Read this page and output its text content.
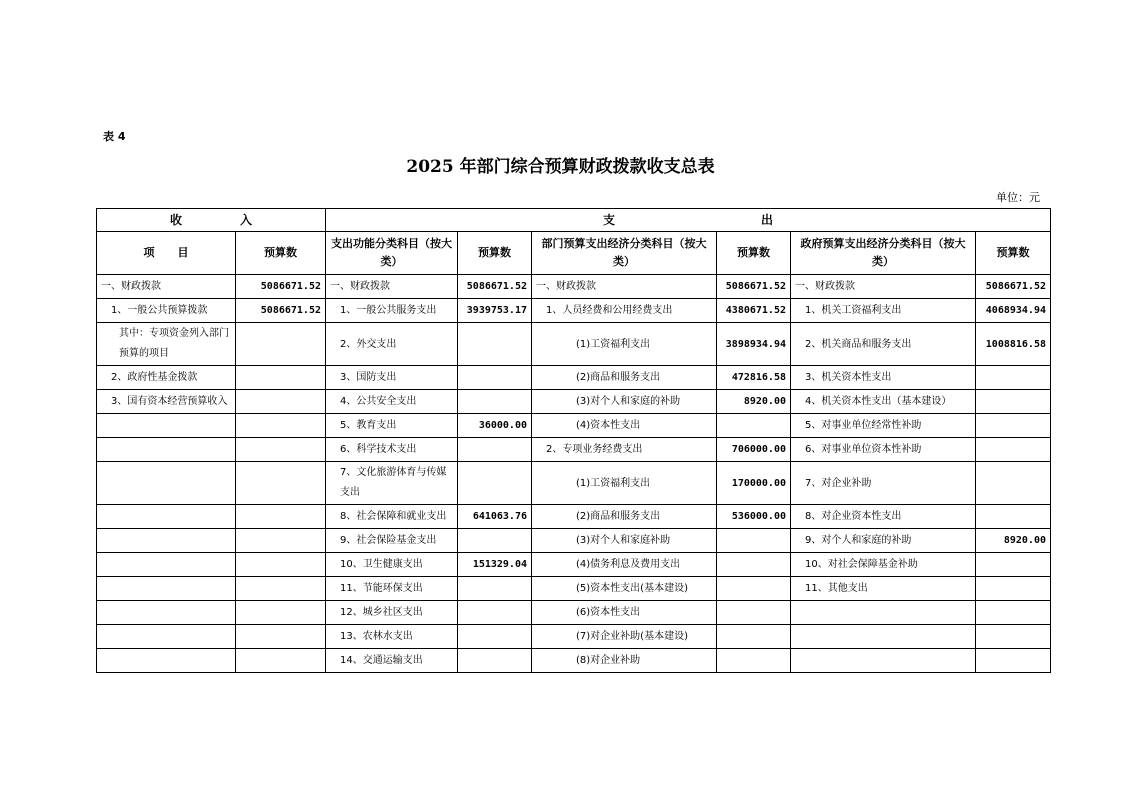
表 4
2025 年部门综合预算财政拨款收支总表
单位：元
收 入		支 出					

项 目	预算数	支出功能分类科目（按大类）	预算数	部门预算支出经济分类科目（按大类）	预算数	政府预算支出经济分类科目（按大类）	预算数
一、财政拨款	5086671.52	一、财政拨款	5086671.52	一、财政拨款	5086671.52	一、财政拨款	5086671.52
1、一般公共预算拨款	5086671.52	1、一般公共服务支出	3939753.17	1、人员经费和公用经费支出	4380671.52	1、机关工资福利支出	4068934.94
其中：专项资金列入部门预算的项目		2、外交支出		(1)工资福利支出	3898934.94	2、机关商品和服务支出	1008816.58
2、政府性基金拨款		3、国防支出		(2)商品和服务支出	472816.58	3、机关资本性支出	
3、国有资本经营预算收入		4、公共安全支出		(3)对个人和家庭的补助	8920.00	4、机关资本性支出（基本建设）	
		5、教育支出	36000.00	(4)资本性支出		5、对事业单位经常性补助	
		6、科学技术支出		2、专项业务经费支出	706000.00	6、对事业单位资本性补助	
		7、文化旅游体育与传媒支出		(1)工资福利支出	170000.00	7、对企业补助	
		8、社会保障和就业支出	641063.76	(2)商品和服务支出	536000.00	8、对企业资本性支出	
		9、社会保险基金支出		(3)对个人和家庭补助		9、对个人和家庭的补助	8920.00
		10、卫生健康支出	151329.04	(4)债务利息及费用支出		10、对社会保障基金补助	
		11、节能环保支出		(5)资本性支出(基本建设)		11、其他支出	
		12、城乡社区支出		(6)资本性支出			
		13、农林水支出		(7)对企业补助(基本建设)			
		14、交通运输支出		(8)对企业补助			
